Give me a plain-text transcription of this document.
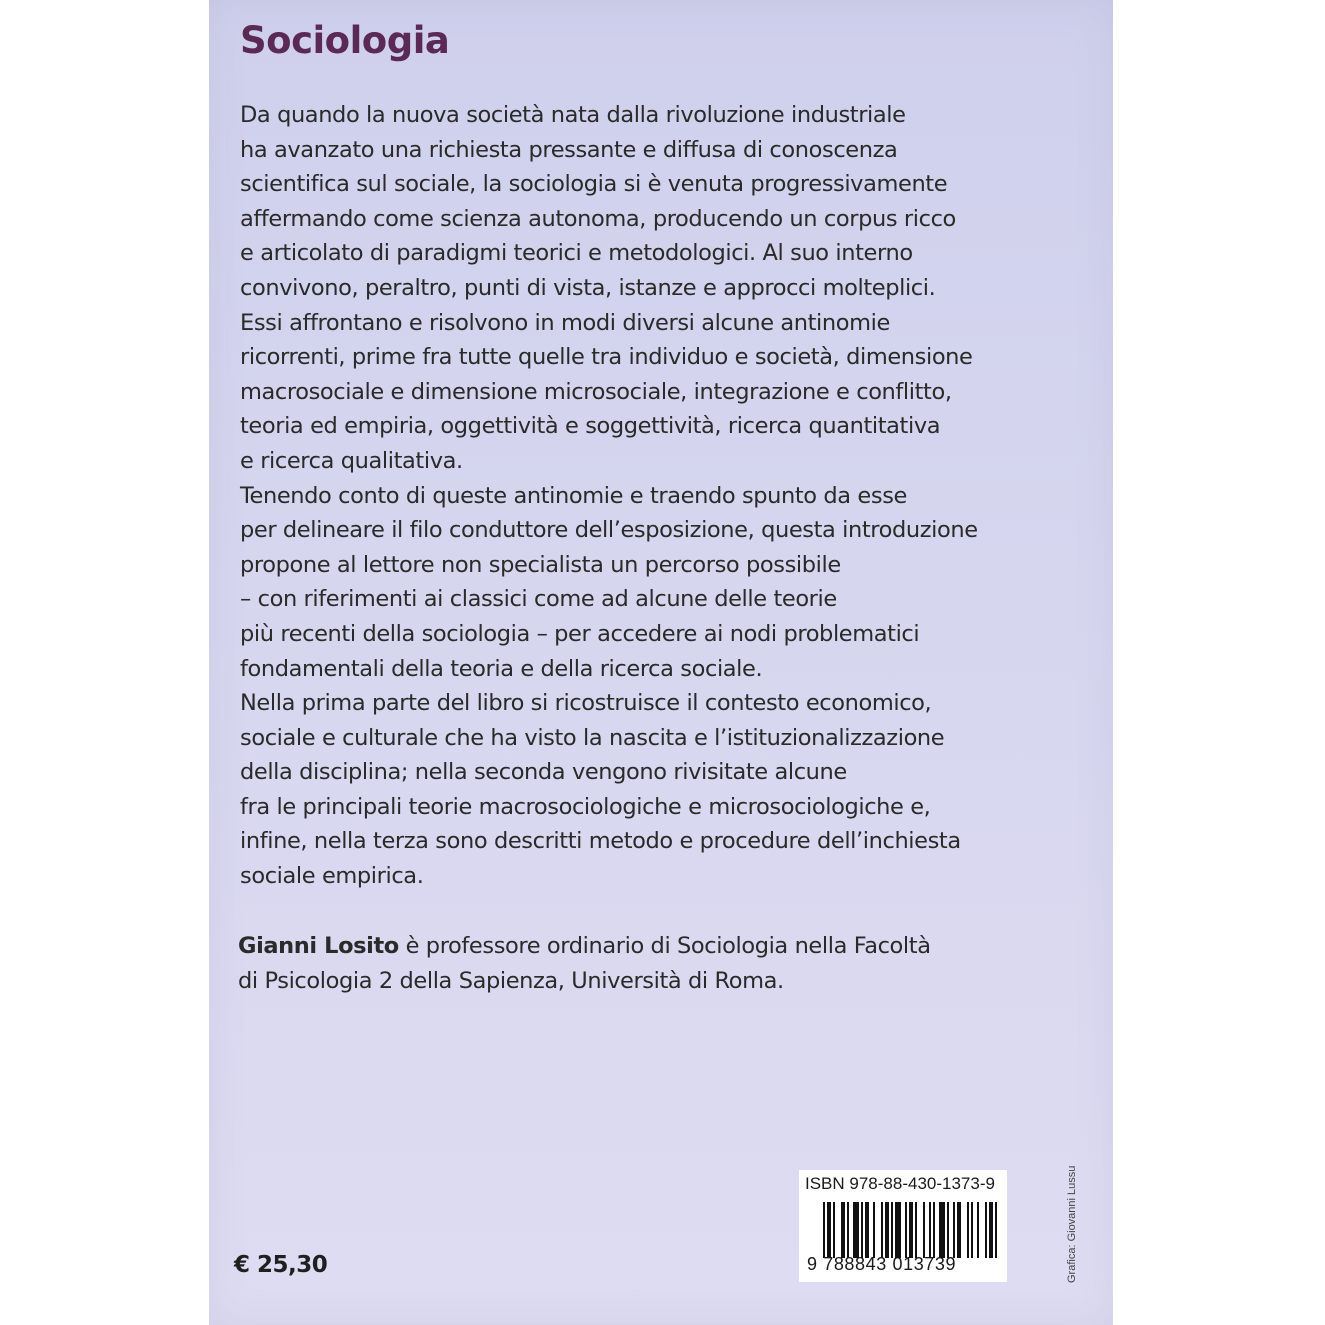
Sociologia
Da quando la nuova società nata dalla rivoluzione industriale
ha avanzato una richiesta pressante e diffusa di conoscenza
scientifica sul sociale, la sociologia si è venuta progressivamente
affermando come scienza autonoma, producendo un corpus ricco
e articolato di paradigmi teorici e metodologici. Al suo interno
convivono, peraltro, punti di vista, istanze e approcci molteplici.
Essi affrontano e risolvono in modi diversi alcune antinomie
ricorrenti, prime fra tutte quelle tra individuo e società, dimensione
macrosociale e dimensione microsociale, integrazione e conflitto,
teoria ed empiria, oggettività e soggettività, ricerca quantitativa
e ricerca qualitativa.
Tenendo conto di queste antinomie e traendo spunto da esse
per delineare il filo conduttore dell’esposizione, questa introduzione
propone al lettore non specialista un percorso possibile
– con riferimenti ai classici come ad alcune delle teorie
più recenti della sociologia – per accedere ai nodi problematici
fondamentali della teoria e della ricerca sociale.
Nella prima parte del libro si ricostruisce il contesto economico,
sociale e culturale che ha visto la nascita e l’istituzionalizzazione
della disciplina; nella seconda vengono rivisitate alcune
fra le principali teorie macrosociologiche e microsociologiche e,
infine, nella terza sono descritti metodo e procedure dell’inchiesta
sociale empirica.
Gianni Losito è professore ordinario di Sociologia nella Facoltà
di Psicologia 2 della Sapienza, Università di Roma.
€ 25,30
ISBN 978-88-430-1373-9
9 788843 013739	Grafica: Giovanni Lussu
